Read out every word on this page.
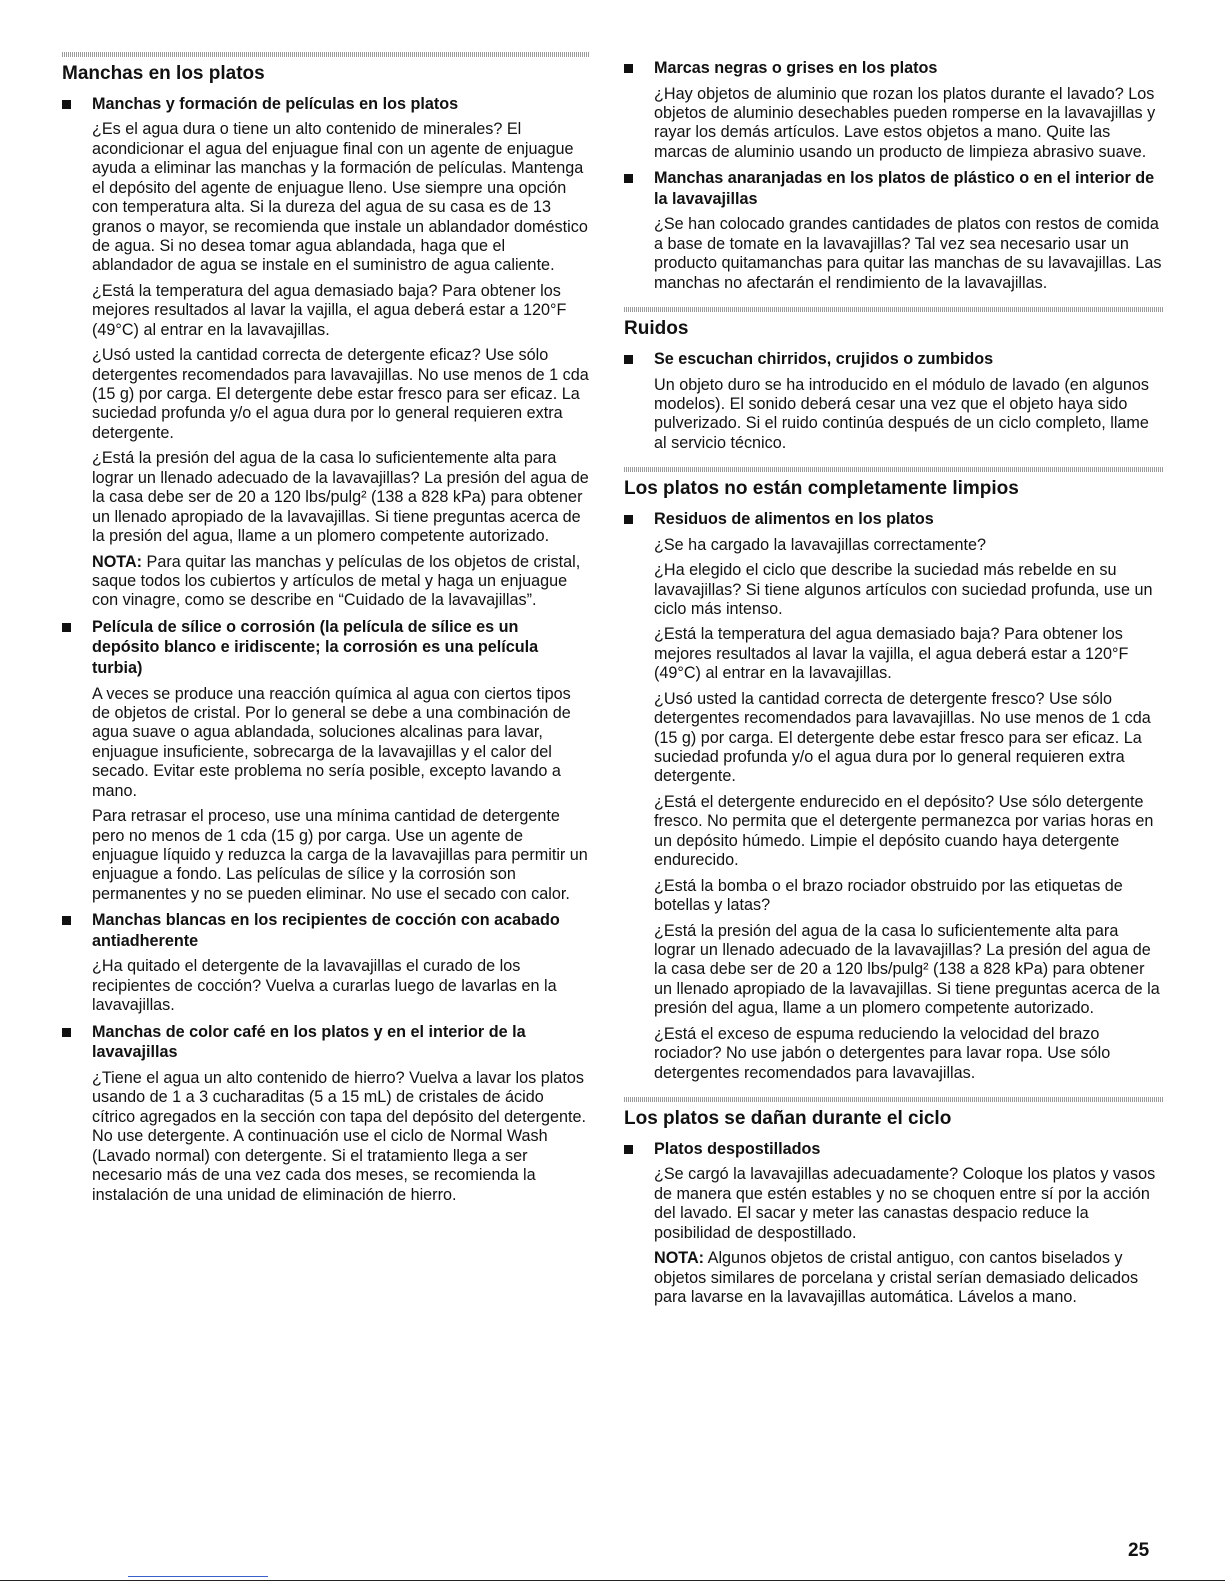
Manchas en los platos
Manchas y formación de películas en los platos

¿Es el agua dura o tiene un alto contenido de minerales? El acondicionar el agua del enjuague final con un agente de enjuague ayuda a eliminar las manchas y la formación de películas. Mantenga el depósito del agente de enjuague lleno. Use siempre una opción con temperatura alta. Si la dureza del agua de su casa es de 13 granos o mayor, se recomienda que instale un ablandador doméstico de agua. Si no desea tomar agua ablandada, haga que el ablandador de agua se instale en el suministro de agua caliente.

¿Está la temperatura del agua demasiado baja? Para obtener los mejores resultados al lavar la vajilla, el agua deberá estar a 120°F (49°C) al entrar en la lavavajillas.

¿Usó usted la cantidad correcta de detergente eficaz? Use sólo detergentes recomendados para lavavajillas. No use menos de 1 cda (15 g) por carga. El detergente debe estar fresco para ser eficaz. La suciedad profunda y/o el agua dura por lo general requieren extra detergente.

¿Está la presión del agua de la casa lo suficientemente alta para lograr un llenado adecuado de la lavavajillas? La presión del agua de la casa debe ser de 20 a 120 lbs/pulg² (138 a 828 kPa) para obtener un llenado apropiado de la lavavajillas. Si tiene preguntas acerca de la presión del agua, llame a un plomero competente autorizado.

NOTA: Para quitar las manchas y películas de los objetos de cristal, saque todos los cubiertos y artículos de metal y haga un enjuague con vinagre, como se describe en “Cuidado de la lavavajillas”.

Película de sílice o corrosión (la película de sílice es un depósito blanco e iridiscente; la corrosión es una película turbia)

A veces se produce una reacción química al agua con ciertos tipos de objetos de cristal. Por lo general se debe a una combinación de agua suave o agua ablandada, soluciones alcalinas para lavar, enjuague insuficiente, sobrecarga de la lavavajillas y el calor del secado. Evitar este problema no sería posible, excepto lavando a mano.

Para retrasar el proceso, use una mínima cantidad de detergente pero no menos de 1 cda (15 g) por carga. Use un agente de enjuague líquido y reduzca la carga de la lavavajillas para permitir un enjuague a fondo. Las películas de sílice y la corrosión son permanentes y no se pueden eliminar. No use el secado con calor.

Manchas blancas en los recipientes de cocción con acabado antiadherente

¿Ha quitado el detergente de la lavavajillas el curado de los recipientes de cocción? Vuelva a curarlas luego de lavarlas en la lavavajillas.

Manchas de color café en los platos y en el interior de la lavavajillas

¿Tiene el agua un alto contenido de hierro? Vuelva a lavar los platos usando de 1 a 3 cucharaditas (5 a 15 mL) de cristales de ácido cítrico agregados en la sección con tapa del depósito del detergente. No use detergente. A continuación use el ciclo de Normal Wash (Lavado normal) con detergente. Si el tratamiento llega a ser necesario más de una vez cada dos meses, se recomienda la instalación de una unidad de eliminación de hierro.

Marcas negras o grises en los platos

¿Hay objetos de aluminio que rozan los platos durante el lavado? Los objetos de aluminio desechables pueden romperse en la lavavajillas y rayar los demás artículos. Lave estos objetos a mano. Quite las marcas de aluminio usando un producto de limpieza abrasivo suave.

Manchas anaranjadas en los platos de plástico o en el interior de la lavavajillas

¿Se han colocado grandes cantidades de platos con restos de comida a base de tomate en la lavavajillas? Tal vez sea necesario usar un producto quitamanchas para quitar las manchas de su lavavajillas. Las manchas no afectarán el rendimiento de la lavavajillas.

Ruidos
Se escuchan chirridos, crujidos o zumbidos

Un objeto duro se ha introducido en el módulo de lavado (en algunos modelos). El sonido deberá cesar una vez que el objeto haya sido pulverizado. Si el ruido continúa después de un ciclo completo, llame al servicio técnico.

Los platos no están completamente limpios
Residuos de alimentos en los platos

¿Se ha cargado la lavavajillas correctamente?

¿Ha elegido el ciclo que describe la suciedad más rebelde en su lavavajillas? Si tiene algunos artículos con suciedad profunda, use un ciclo más intenso.

¿Está la temperatura del agua demasiado baja? Para obtener los mejores resultados al lavar la vajilla, el agua deberá estar a 120°F (49°C) al entrar en la lavavajillas.

¿Usó usted la cantidad correcta de detergente fresco? Use sólo detergentes recomendados para lavavajillas. No use menos de 1 cda (15 g) por carga. El detergente debe estar fresco para ser eficaz. La suciedad profunda y/o el agua dura por lo general requieren extra detergente.

¿Está el detergente endurecido en el depósito? Use sólo detergente fresco. No permita que el detergente permanezca por varias horas en un depósito húmedo. Limpie el depósito cuando haya detergente endurecido.

¿Está la bomba o el brazo rociador obstruido por las etiquetas de botellas y latas?

¿Está la presión del agua de la casa lo suficientemente alta para lograr un llenado adecuado de la lavavajillas? La presión del agua de la casa debe ser de 20 a 120 lbs/pulg² (138 a 828 kPa) para obtener un llenado apropiado de la lavavajillas. Si tiene preguntas acerca de la presión del agua, llame a un plomero competente autorizado.

¿Está el exceso de espuma reduciendo la velocidad del brazo rociador? No use jabón o detergentes para lavar ropa. Use sólo detergentes recomendados para lavavajillas.

Los platos se dañan durante el ciclo
Platos despostillados

¿Se cargó la lavavajillas adecuadamente? Coloque los platos y vasos de manera que estén estables y no se choquen entre sí por la acción del lavado. El sacar y meter las canastas despacio reduce la posibilidad de despostillado.

NOTA: Algunos objetos de cristal antiguo, con cantos biselados y objetos similares de porcelana y cristal serían demasiado delicados para lavarse en la lavavajillas automática. Lávelos a mano.

25
